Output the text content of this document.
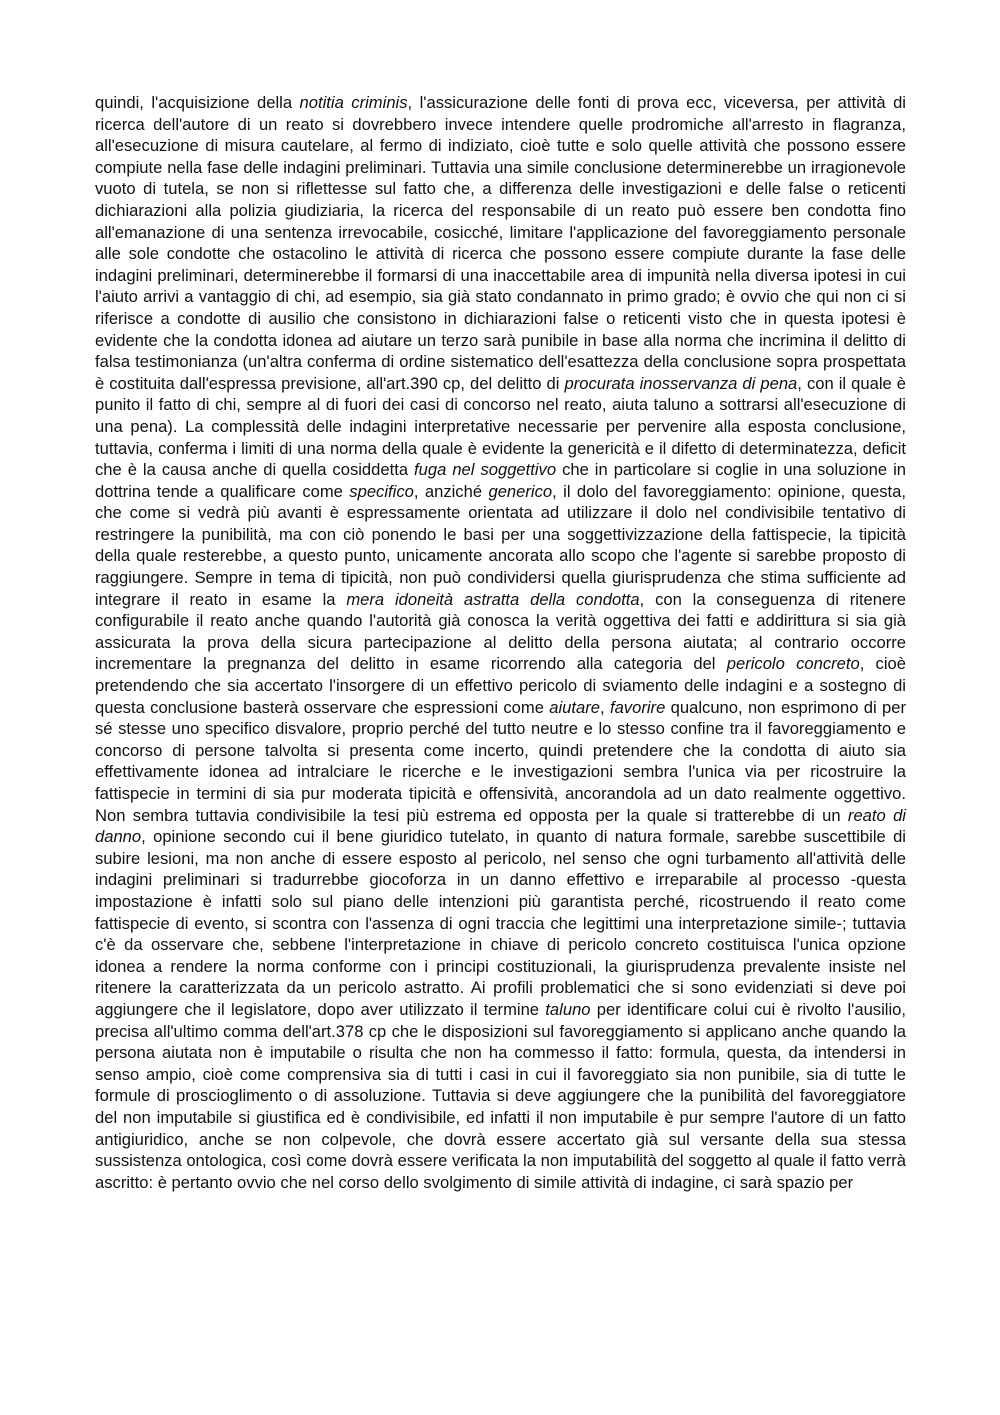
quindi, l'acquisizione della notitia criminis, l'assicurazione delle fonti di prova ecc, viceversa, per attività di ricerca dell'autore di un reato si dovrebbero invece intendere quelle prodromiche all'arresto in flagranza, all'esecuzione di misura cautelare, al fermo di indiziato, cioè tutte e solo quelle attività che possono essere compiute nella fase delle indagini preliminari. Tuttavia una simile conclusione determinerebbe un irragionevole vuoto di tutela, se non si riflettesse sul fatto che, a differenza delle investigazioni e delle false o reticenti dichiarazioni alla polizia giudiziaria, la ricerca del responsabile di un reato può essere ben condotta fino all'emanazione di una sentenza irrevocabile, cosicché, limitare l'applicazione del favoreggiamento personale alle sole condotte che ostacolino le attività di ricerca che possono essere compiute durante la fase delle indagini preliminari, determinerebbe il formarsi di una inaccettabile area di impunità nella diversa ipotesi in cui l'aiuto arrivi a vantaggio di chi, ad esempio, sia già stato condannato in primo grado; è ovvio che qui non ci si riferisce a condotte di ausilio che consistono in dichiarazioni false o reticenti visto che in questa ipotesi è evidente che la condotta idonea ad aiutare un terzo sarà punibile in base alla norma che incrimina il delitto di falsa testimonianza (un'altra conferma di ordine sistematico dell'esattezza della conclusione sopra prospettata è costituita dall'espressa previsione, all'art.390 cp, del delitto di procurata inosservanza di pena, con il quale è punito il fatto di chi, sempre al di fuori dei casi di concorso nel reato, aiuta taluno a sottrarsi all'esecuzione di una pena). La complessità delle indagini interpretative necessarie per pervenire alla esposta conclusione, tuttavia, conferma i limiti di una norma della quale è evidente la genericità e il difetto di determinatezza, deficit che è la causa anche di quella cosiddetta fuga nel soggettivo che in particolare si coglie in una soluzione in dottrina tende a qualificare come specifico, anziché generico, il dolo del favoreggiamento: opinione, questa, che come si vedrà più avanti è espressamente orientata ad utilizzare il dolo nel condivisibile tentativo di restringere la punibilità, ma con ciò ponendo le basi per una soggettivizzazione della fattispecie, la tipicità della quale resterebbe, a questo punto, unicamente ancorata allo scopo che l'agente si sarebbe proposto di raggiungere. Sempre in tema di tipicità, non può condividersi quella giurisprudenza che stima sufficiente ad integrare il reato in esame la mera idoneità astratta della condotta, con la conseguenza di ritenere configurabile il reato anche quando l'autorità già conosca la verità oggettiva dei fatti e addirittura si sia già assicurata la prova della sicura partecipazione al delitto della persona aiutata; al contrario occorre incrementare la pregnanza del delitto in esame ricorrendo alla categoria del pericolo concreto, cioè pretendendo che sia accertato l'insorgere di un effettivo pericolo di sviamento delle indagini e a sostegno di questa conclusione basterà osservare che espressioni come aiutare, favorire qualcuno, non esprimono di per sé stesse uno specifico disvalore, proprio perché del tutto neutre e lo stesso confine tra il favoreggiamento e concorso di persone talvolta si presenta come incerto, quindi pretendere che la condotta di aiuto sia effettivamente idonea ad intralciare le ricerche e le investigazioni sembra l'unica via per ricostruire la fattispecie in termini di sia pur moderata tipicità e offensività, ancorandola ad un dato realmente oggettivo. Non sembra tuttavia condivisibile la tesi più estrema ed opposta per la quale si tratterebbe di un reato di danno, opinione secondo cui il bene giuridico tutelato, in quanto di natura formale, sarebbe suscettibile di subire lesioni, ma non anche di essere esposto al pericolo, nel senso che ogni turbamento all'attività delle indagini preliminari si tradurrebbe giocoforza in un danno effettivo e irreparabile al processo -questa impostazione è infatti solo sul piano delle intenzioni più garantista perché, ricostruendo il reato come fattispecie di evento, si scontra con l'assenza di ogni traccia che legittimi una interpretazione simile-; tuttavia c'è da osservare che, sebbene l'interpretazione in chiave di pericolo concreto costituisca l'unica opzione idonea a rendere la norma conforme con i principi costituzionali, la giurisprudenza prevalente insiste nel ritenere la caratterizzata da un pericolo astratto. Ai profili problematici che si sono evidenziati si deve poi aggiungere che il legislatore, dopo aver utilizzato il termine taluno per identificare colui cui è rivolto l'ausilio, precisa all'ultimo comma dell'art.378 cp che le disposizioni sul favoreggiamento si applicano anche quando la persona aiutata non è imputabile o risulta che non ha commesso il fatto: formula, questa, da intendersi in senso ampio, cioè come comprensiva sia di tutti i casi in cui il favoreggiato sia non punibile, sia di tutte le formule di proscioglimento o di assoluzione. Tuttavia si deve aggiungere che la punibilità del favoreggiatore del non imputabile si giustifica ed è condivisibile, ed infatti il non imputabile è pur sempre l'autore di un fatto antigiuridico, anche se non colpevole, che dovrà essere accertato già sul versante della sua stessa sussistenza ontologica, così come dovrà essere verificata la non imputabilità del soggetto al quale il fatto verrà ascritto: è pertanto ovvio che nel corso dello svolgimento di simile attività di indagine, ci sarà spazio per
